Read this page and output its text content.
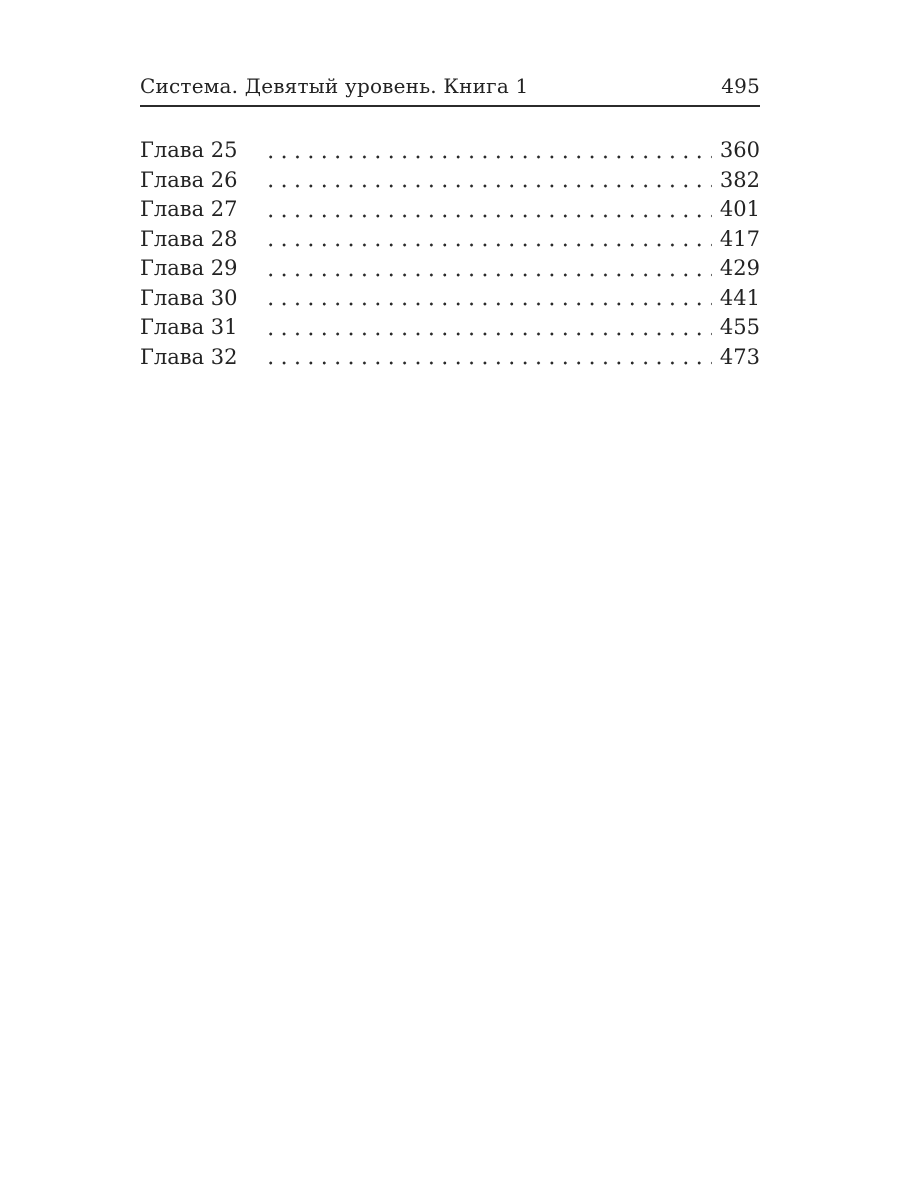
Система. Девятый уровень. Книга 1	495
Глава 25	360
Глава 26	382
Глава 27	401
Глава 28	417
Глава 29	429
Глава 30	441
Глава 31	455
Глава 32	473
